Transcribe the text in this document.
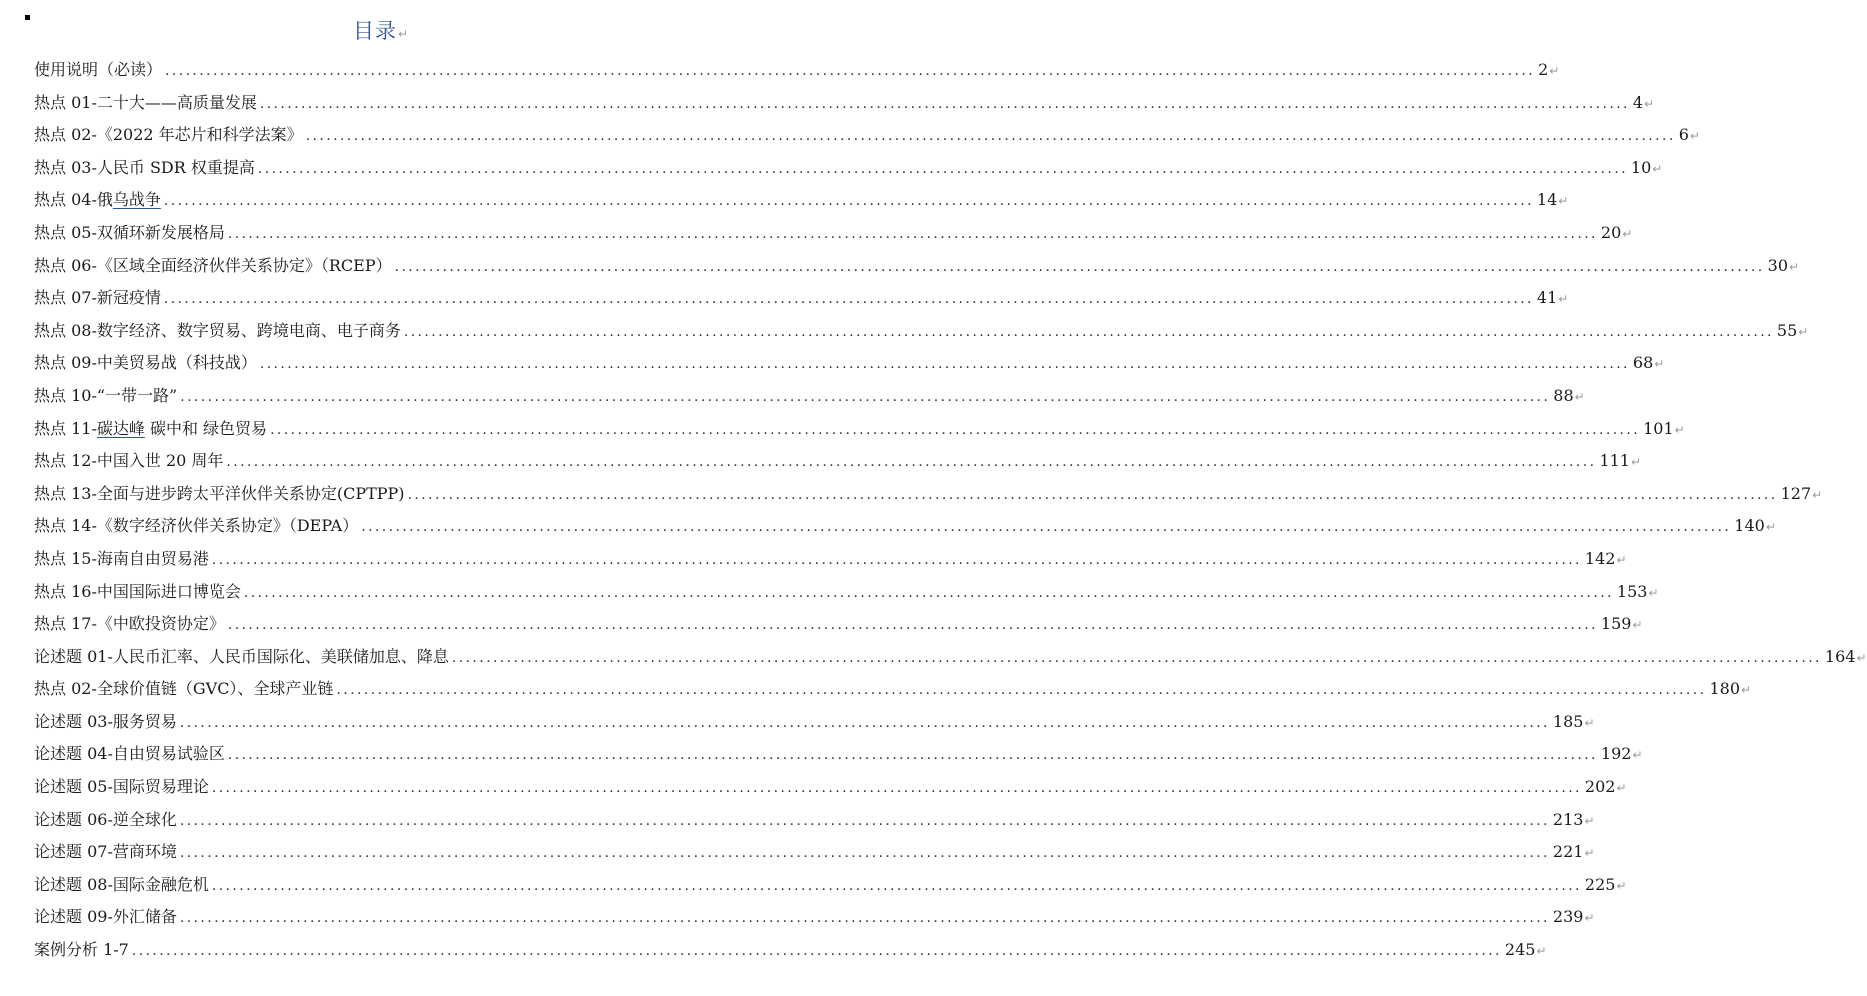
目录↵
使用说明（必读） ........................................................................................................................................................................................................ 2 ↵
热点 01-二十大——高质量发展 ........................................................................................................................................................................................................ 4 ↵
热点 02-《2022 年芯片和科学法案》 ........................................................................................................................................................................................................ 6 ↵
热点 03-人民币 SDR 权重提高 ........................................................................................................................................................................................................ 10 ↵
热点 04-俄乌战争 ........................................................................................................................................................................................................ 14 ↵
热点 05-双循环新发展格局 ........................................................................................................................................................................................................ 20 ↵
热点 06-《区域全面经济伙伴关系协定》（RCEP） ........................................................................................................................................................................................................ 30 ↵
热点 07-新冠疫情 ........................................................................................................................................................................................................ 41 ↵
热点 08-数字经济、数字贸易、跨境电商、电子商务 ........................................................................................................................................................................................................ 55 ↵
热点 09-中美贸易战（科技战） ........................................................................................................................................................................................................ 68 ↵
热点 10-“一带一路” ........................................................................................................................................................................................................ 88 ↵
热点 11-碳达峰 碳中和 绿色贸易 ........................................................................................................................................................................................................ 101 ↵
热点 12-中国入世 20 周年 ........................................................................................................................................................................................................ 111 ↵
热点 13-全面与进步跨太平洋伙伴关系协定(CPTPP) ........................................................................................................................................................................................................ 127 ↵
热点 14-《数字经济伙伴关系协定》（DEPA） ........................................................................................................................................................................................................ 140 ↵
热点 15-海南自由贸易港 ........................................................................................................................................................................................................ 142 ↵
热点 16-中国国际进口博览会 ........................................................................................................................................................................................................ 153 ↵
热点 17-《中欧投资协定》 ........................................................................................................................................................................................................ 159 ↵
论述题 01-人民币汇率、人民币国际化、美联储加息、降息 ........................................................................................................................................................................................................ 164 ↵
热点 02-全球价值链（GVC）、全球产业链 ........................................................................................................................................................................................................ 180 ↵
论述题 03-服务贸易 ........................................................................................................................................................................................................ 185 ↵
论述题 04-自由贸易试验区 ........................................................................................................................................................................................................ 192 ↵
论述题 05-国际贸易理论 ........................................................................................................................................................................................................ 202 ↵
论述题 06-逆全球化 ........................................................................................................................................................................................................ 213 ↵
论述题 07-营商环境 ........................................................................................................................................................................................................ 221 ↵
论述题 08-国际金融危机 ........................................................................................................................................................................................................ 225 ↵
论述题 09-外汇储备 ........................................................................................................................................................................................................ 239 ↵
案例分析 1-7 ........................................................................................................................................................................................................ 245 ↵
